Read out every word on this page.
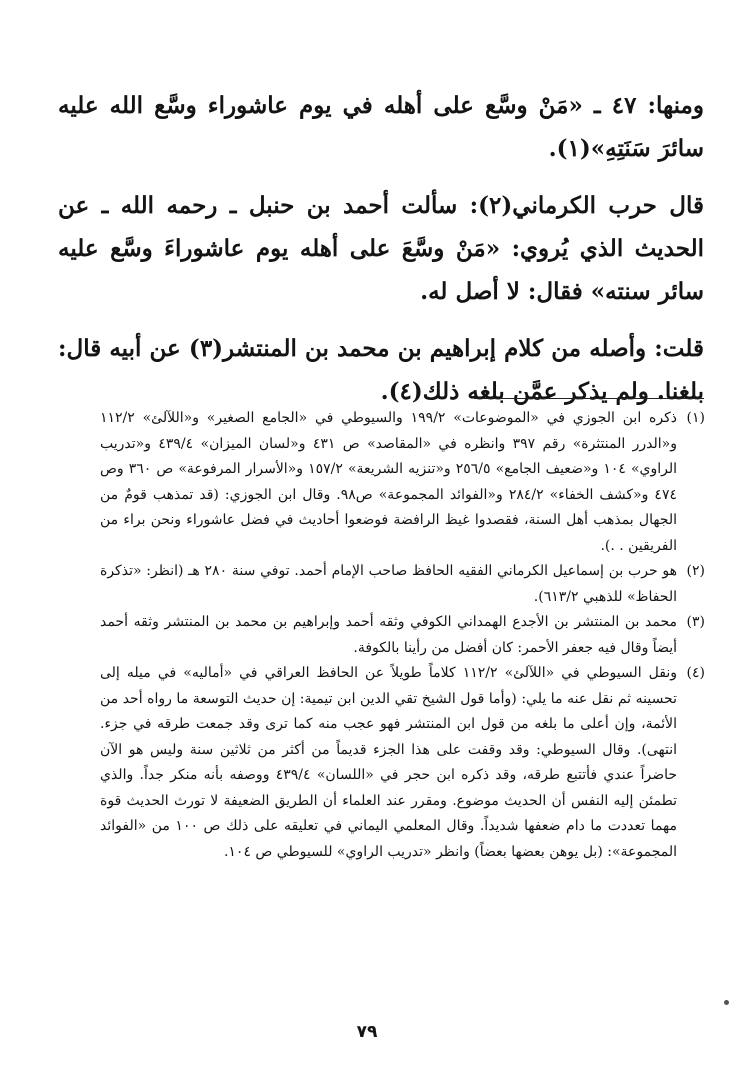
ومنها: ٤٧ ـ «مَنْ وسَّع على أهله في يوم عاشوراء وسَّع الله عليه سائرَ سَنَتِهِ»(١).

قال حرب الكرماني(٢): سألت أحمد بن حنبل ـ رحمه الله ـ عن الحديث الذي يُروي: «مَنْ وسَّعَ على أهله يوم عاشوراءَ وسَّع عليه سائر سنته» فقال: لا أصل له.

قلت: وأصله من كلام إبراهيم بن محمد بن المنتشر(٣) عن أبيه قال: بلغنا. ولم يذكر عمَّن بلغه ذلك(٤).

(١)
ذكره ابن الجوزي في «الموضوعات» ١٩٩/٢ والسيوطي في «الجامع الصغير» و«اللآلئ» ١١٢/٢ و«الدرر المنتثرة» رقم ٣٩٧ وانظره في «المقاصد» ص ٤٣١ و«لسان الميزان» ٤٣٩/٤ و«تدريب الراوي» ١٠٤ و«ضعيف الجامع» ٢٥٦/٥ و«تنزيه الشريعة» ١٥٧/٢ و«الأسرار المرفوعة» ص ٣٦٠ وص ٤٧٤ و«كشف الخفاء» ٢٨٤/٢ و«الفوائد المجموعة» ص٩٨. وقال ابن الجوزي: (قد تمذهب قومٌ من الجهال بمذهب أهل السنة، فقصدوا غيظ الرافضة فوضعوا أحاديث في فضل عاشوراء ونحن براء من الفريقين . .).
(٢)
هو حرب بن إسماعيل الكرماني الفقيه الحافظ صاحب الإمام أحمد. توفي سنة ٢٨٠ هـ (انظر: «تذكرة الحفاظ» للذهبي ٦١٣/٢).
(٣)
محمد بن المنتشر بن الأجدع الهمداني الكوفي وثقه أحمد وإبراهيم بن محمد بن المنتشر وثقه أحمد أيضاً وقال فيه جعفر الأحمر: كان أفضل من رأينا بالكوفة.
(٤)
ونقل السيوطي في «اللآلئ» ١١٢/٢ كلاماً طويلاً عن الحافظ العراقي في «أماليه» في ميله إلى تحسينه ثم نقل عنه ما يلي: (وأما قول الشيخ تقي الدين ابن تيمية: إن حديث التوسعة ما رواه أحد من الأئمة، وإن أعلى ما بلغه من قول ابن المنتشر فهو عجب منه كما ترى وقد جمعت طرقه في جزء. انتهى). وقال السيوطي: وقد وقفت على هذا الجزء قديماً من أكثر من ثلاثين سنة وليس هو الآن حاضراً عندي فأتتبع طرقه، وقد ذكره ابن حجر في «اللسان» ٤٣٩/٤ ووصفه بأنه منكر جداً. والذي تطمئن إليه النفس أن الحديث موضوع. ومقرر عند العلماء أن الطريق الضعيفة لا تورث الحديث قوة مهما تعددت ما دام ضعفها شديداً. وقال المعلمي اليماني في تعليقه على ذلك ص ١٠٠ من «الفوائد المجموعة»: (بل يوهن بعضها بعضاً) وانظر «تدريب الراوي» للسيوطي ص ١٠٤.
٧٩
